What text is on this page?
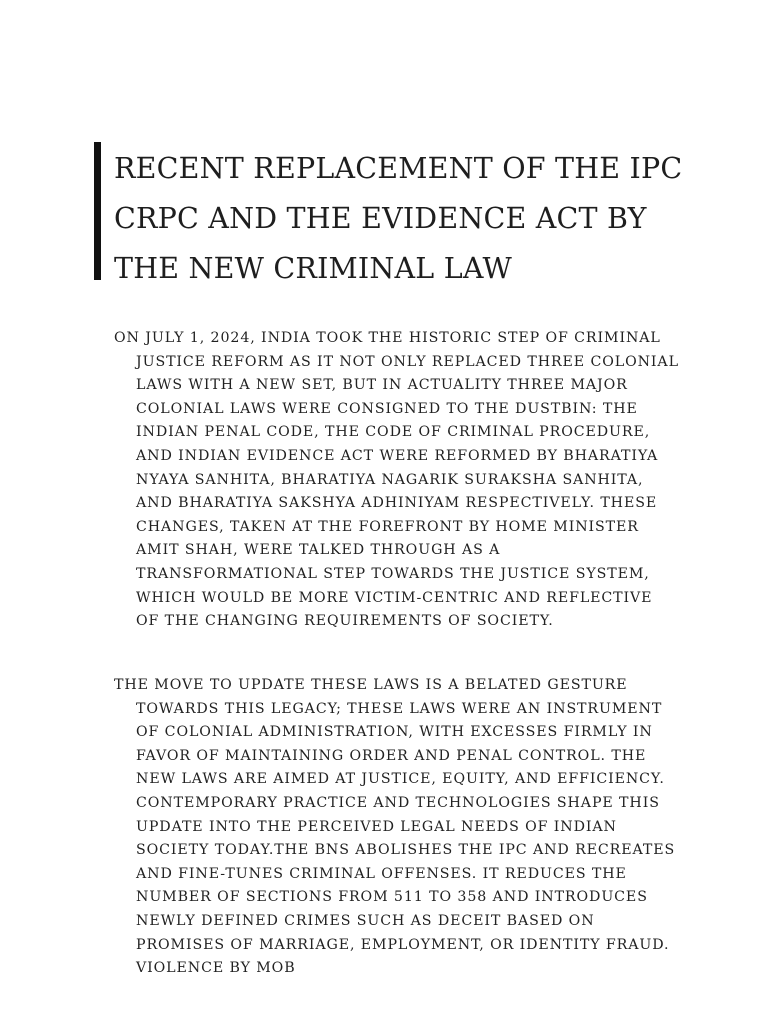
RECENT REPLACEMENT OF THE IPC CRPC AND THE EVIDENCE ACT BY THE NEW CRIMINAL LAW

ON JULY 1, 2024, INDIA TOOK THE HISTORIC STEP OF CRIMINAL JUSTICE REFORM AS IT NOT ONLY REPLACED THREE COLONIAL LAWS WITH A NEW SET, BUT IN ACTUALITY THREE MAJOR COLONIAL LAWS WERE CONSIGNED TO THE DUSTBIN: THE INDIAN PENAL CODE, THE CODE OF CRIMINAL PROCEDURE, AND INDIAN EVIDENCE ACT WERE REFORMED BY BHARATIYA NYAYA SANHITA, BHARATIYA NAGARIK SURAKSHA SANHITA, AND BHARATIYA SAKSHYA ADHINIYAM RESPECTIVELY. THESE CHANGES, TAKEN AT THE FOREFRONT BY HOME MINISTER AMIT SHAH, WERE TALKED THROUGH AS A TRANSFORMATIONAL STEP TOWARDS THE JUSTICE SYSTEM, WHICH WOULD BE MORE VICTIM-CENTRIC AND REFLECTIVE OF THE CHANGING REQUIREMENTS OF SOCIETY.

THE MOVE TO UPDATE THESE LAWS IS A BELATED GESTURE TOWARDS THIS LEGACY; THESE LAWS WERE AN INSTRUMENT OF COLONIAL ADMINISTRATION, WITH EXCESSES FIRMLY IN FAVOR OF MAINTAINING ORDER AND PENAL CONTROL. THE NEW LAWS ARE AIMED AT JUSTICE, EQUITY, AND EFFICIENCY. CONTEMPORARY PRACTICE AND TECHNOLOGIES SHAPE THIS UPDATE INTO THE PERCEIVED LEGAL NEEDS OF INDIAN SOCIETY TODAY.THE BNS ABOLISHES THE IPC AND RECREATES AND FINE-TUNES CRIMINAL OFFENSES. IT REDUCES THE NUMBER OF SECTIONS FROM 511 TO 358 AND INTRODUCES NEWLY DEFINED CRIMES SUCH AS DECEIT BASED ON PROMISES OF MARRIAGE, EMPLOYMENT, OR IDENTITY FRAUD. VIOLENCE BY MOB
